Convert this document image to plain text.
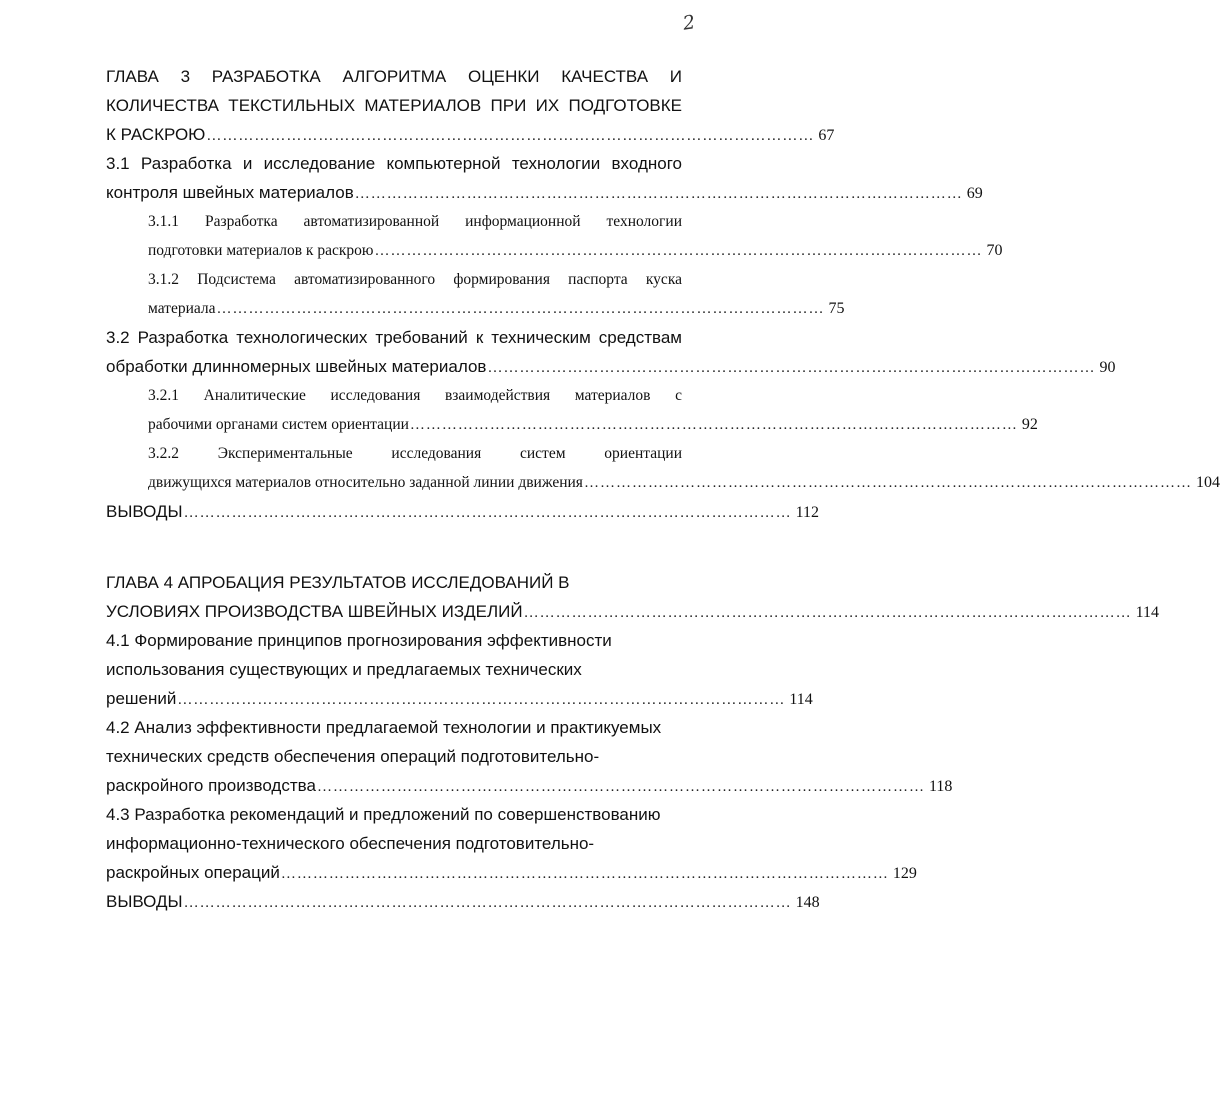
2
ГЛАВА 3 РАЗРАБОТКА АЛГОРИТМА ОЦЕНКИ КАЧЕСТВА И
КОЛИЧЕСТВА ТЕКСТИЛЬНЫХ МАТЕРИАЛОВ ПРИ ИХ ПОДГОТОВКЕ
К РАСКРОЮ …………………………………………………………………………………………………… 67
3.1 Разработка и исследование компьютерной технологии входного
контроля швейных материалов …………………………………………………………………………………………………… 69
3.1.1 Разработка автоматизированной информационной технологии
подготовки материалов к раскрою …………………………………………………………………………………………………… 70
3.1.2 Подсистема автоматизированного формирования паспорта куска
материала …………………………………………………………………………………………………… 75
3.2 Разработка технологических требований к техническим средствам
обработки длинномерных швейных материалов …………………………………………………………………………………………………… 90
3.2.1 Аналитические исследования взаимодействия материалов с
рабочими органами систем ориентации …………………………………………………………………………………………………… 92
3.2.2 Экспериментальные исследования систем ориентации
движущихся материалов относительно заданной линии движения …………………………………………………………………………………………………… 104
ВЫВОДЫ …………………………………………………………………………………………………… 112
ГЛАВА 4 АПРОБАЦИЯ РЕЗУЛЬТАТОВ ИССЛЕДОВАНИЙ В
УСЛОВИЯХ ПРОИЗВОДСТВА ШВЕЙНЫХ ИЗДЕЛИЙ …………………………………………………………………………………………………… 114
4.1 Формирование принципов прогнозирования эффективности
использования существующих и предлагаемых технических
решений …………………………………………………………………………………………………… 114
4.2 Анализ эффективности предлагаемой технологии и практикуемых
технических средств обеспечения операций подготовительно-
раскройного производства …………………………………………………………………………………………………… 118
4.3 Разработка рекомендаций и предложений по совершенствованию
информационно-технического обеспечения подготовительно-
раскройных операций …………………………………………………………………………………………………… 129
ВЫВОДЫ …………………………………………………………………………………………………… 148
